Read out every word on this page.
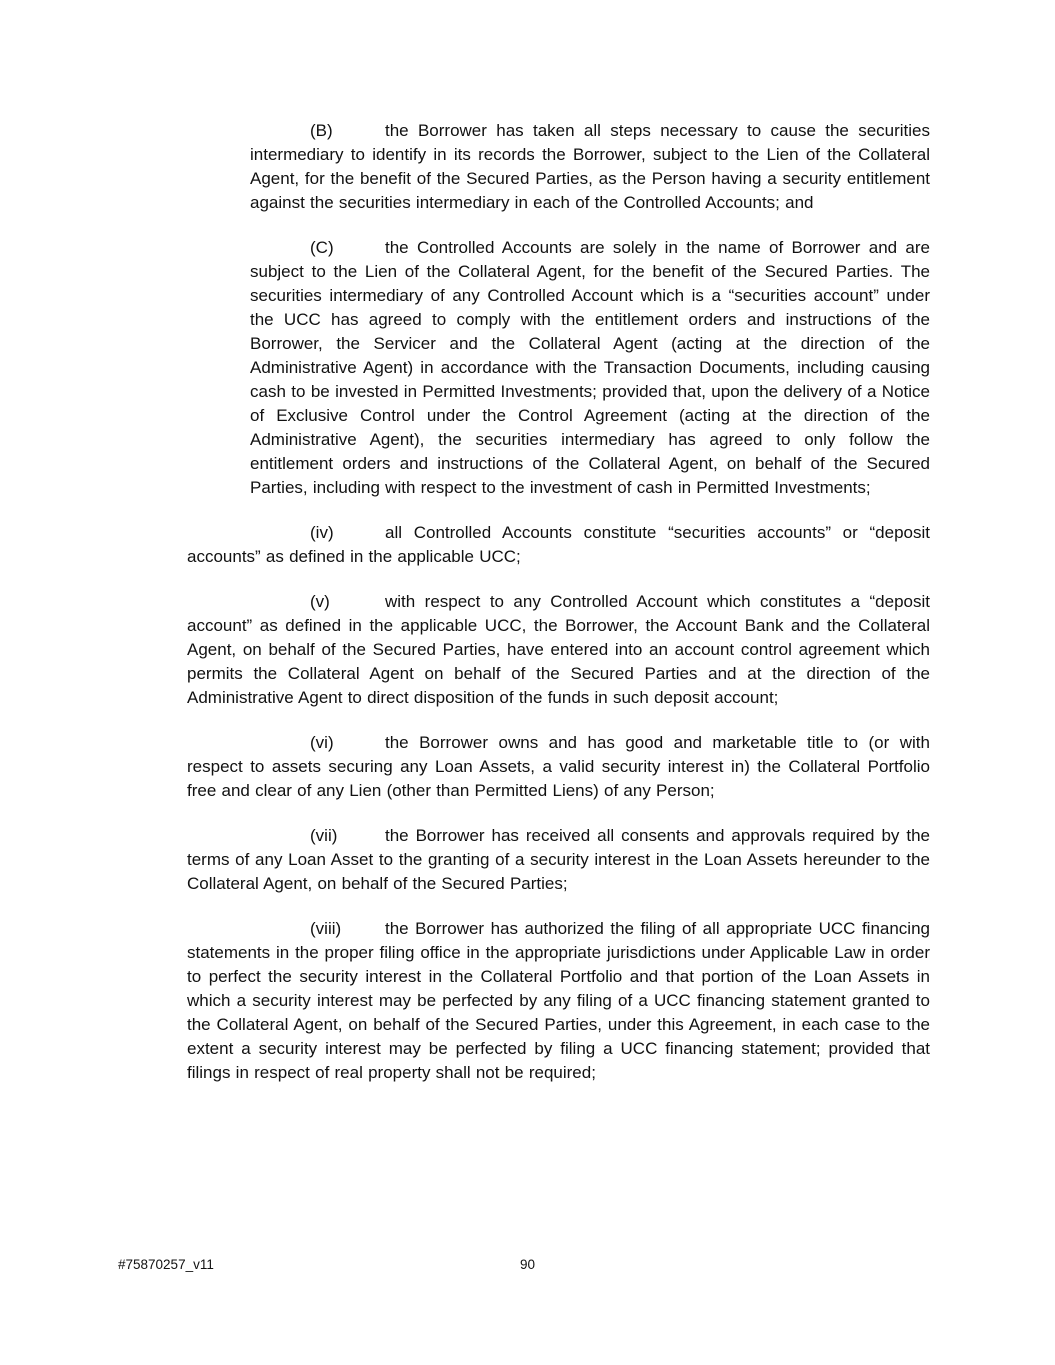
(B)	the Borrower has taken all steps necessary to cause the securities intermediary to identify in its records the Borrower, subject to the Lien of the Collateral Agent, for the benefit of the Secured Parties, as the Person having a security entitlement against the securities intermediary in each of the Controlled Accounts; and

(C)	the Controlled Accounts are solely in the name of Borrower and are subject to the Lien of the Collateral Agent, for the benefit of the Secured Parties. The securities intermediary of any Controlled Account which is a “securities account” under the UCC has agreed to comply with the entitlement orders and instructions of the Borrower, the Servicer and the Collateral Agent (acting at the direction of the Administrative Agent) in accordance with the Transaction Documents, including causing cash to be invested in Permitted Investments; provided that, upon the delivery of a Notice of Exclusive Control under the Control Agreement (acting at the direction of the Administrative Agent), the securities intermediary has agreed to only follow the entitlement orders and instructions of the Collateral Agent, on behalf of the Secured Parties, including with respect to the investment of cash in Permitted Investments;

(iv)	all Controlled Accounts constitute “securities accounts” or “deposit accounts” as defined in the applicable UCC;

(v)	with respect to any Controlled Account which constitutes a “deposit account” as defined in the applicable UCC, the Borrower, the Account Bank and the Collateral Agent, on behalf of the Secured Parties, have entered into an account control agreement which permits the Collateral Agent on behalf of the Secured Parties and at the direction of the Administrative Agent to direct disposition of the funds in such deposit account;

(vi)	the Borrower owns and has good and marketable title to (or with respect to assets securing any Loan Assets, a valid security interest in) the Collateral Portfolio free and clear of any Lien (other than Permitted Liens) of any Person;

(vii)	the Borrower has received all consents and approvals required by the terms of any Loan Asset to the granting of a security interest in the Loan Assets hereunder to the Collateral Agent, on behalf of the Secured Parties;

(viii)	the Borrower has authorized the filing of all appropriate UCC financing statements in the proper filing office in the appropriate jurisdictions under Applicable Law in order to perfect the security interest in the Collateral Portfolio and that portion of the Loan Assets in which a security interest may be perfected by any filing of a UCC financing statement granted to the Collateral Agent, on behalf of the Secured Parties, under this Agreement, in each case to the extent a security interest may be perfected by filing a UCC financing statement; provided that filings in respect of real property shall not be required;

#75870257_v11	90
